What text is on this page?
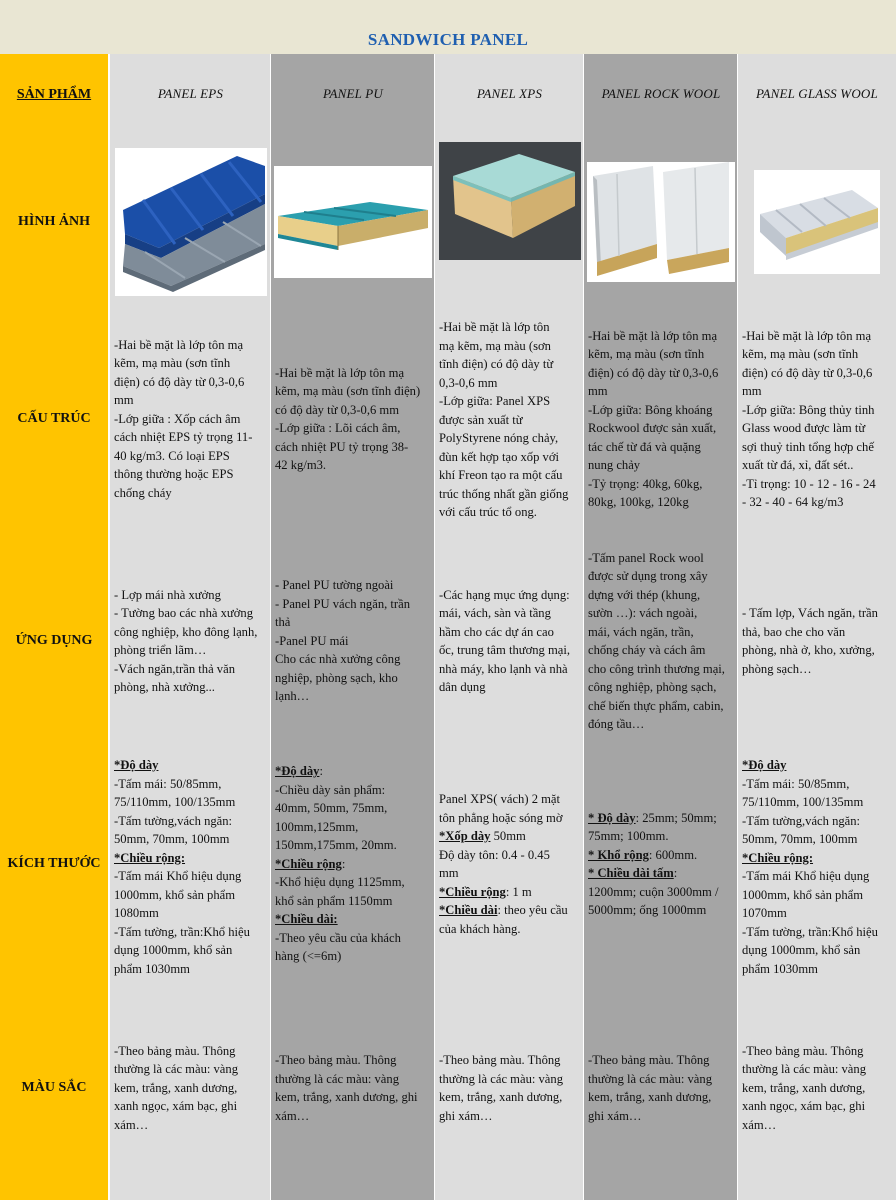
SANDWICH PANEL
SẢN PHẨM
HÌNH ẢNH
CẤU TRÚC
ỨNG DỤNG
KÍCH THƯỚC
MÀU SẮC
PANEL EPS
-Hai bề mặt là lớp tôn mạ
kẽm, mạ màu (sơn tĩnh
điện) có độ dày từ 0,3-0,6
mm
-Lớp giữa : Xốp cách âm
cách nhiệt EPS tỷ trọng 11-
40 kg/m3. Có loại EPS
thông thường hoặc EPS
chống cháy
- Lợp mái nhà xưởng
- Tường bao các nhà xưởng
công nghiệp, kho đông lạnh,
phòng triển lãm…
-Vách ngăn,trần thả văn
phòng, nhà xưởng...
*Độ dày
-Tấm mái: 50/85mm,
75/110mm, 100/135mm
-Tấm tường,vách ngăn:
50mm, 70mm, 100mm
*Chiều rộng:
-Tấm mái Khổ hiệu dụng
1000mm, khổ sản phẩm
1080mm
-Tấm tường, trần:Khổ hiệu
dụng 1000mm, khổ sản
phẩm 1030mm
-Theo bảng màu. Thông
thường là các màu: vàng
kem, trắng, xanh dương,
xanh ngọc, xám bạc, ghi
xám…
PANEL PU
-Hai bề mặt là lớp tôn mạ
kẽm, mạ màu (sơn tĩnh điện)
có độ dày từ 0,3-0,6 mm
-Lớp giữa : Lõi cách âm,
cách nhiệt PU tỷ trọng 38-
42 kg/m3.
- Panel PU tường ngoài
- Panel PU vách ngăn, trần
thả
-Panel PU mái
Cho các nhà xưởng công
nghiệp, phòng sạch, kho
lạnh…
*Độ dày:
-Chiều dày sản phẩm:
40mm, 50mm, 75mm,
100mm,125mm,
150mm,175mm, 20mm.
*Chiều rộng:
-Khổ hiệu dụng 1125mm,
khổ sản phẩm 1150mm
*Chiều dài:
-Theo yêu cầu của khách
hàng (<=6m)
-Theo bảng màu. Thông
thường là các màu: vàng
kem, trắng, xanh dương, ghi
xám…
PANEL XPS
-Hai bề mặt là lớp tôn
mạ kẽm, mạ màu (sơn
tĩnh điện) có độ dày từ
0,3-0,6 mm
-Lớp giữa: Panel XPS
được sản xuất từ
PolyStyrene nóng chảy,
đùn kết hợp tạo xốp với
khí Freon tạo ra một cấu
trúc thống nhất gần giống
với cấu trúc tổ ong.
-Các hạng mục ứng dụng:
mái, vách, sàn và tầng
hầm cho các dự án cao
ốc, trung tâm thương mại,
nhà máy, kho lạnh và nhà
dân dụng
Panel XPS( vách) 2 mặt
tôn phẳng hoặc sóng mờ
*Xốp dày 50mm
Độ dày tôn: 0.4 - 0.45
mm
*Chiều rộng: 1 m
*Chiều dài: theo yêu cầu
của khách hàng.
-Theo bảng màu. Thông
thường là các màu: vàng
kem, trắng, xanh dương,
ghi xám…
PANEL ROCK WOOL
-Hai bề mặt là lớp tôn mạ
kẽm, mạ màu (sơn tĩnh
điện) có độ dày từ 0,3-0,6
mm
-Lớp giữa: Bông khoáng
Rockwool được sản xuất,
tác chế từ đá và quặng
nung chảy
-Tỷ trọng: 40kg, 60kg,
80kg, 100kg, 120kg
-Tấm panel Rock wool
được sử dụng trong xây
dựng với thép (khung,
sườn …): vách ngoài,
mái, vách ngăn, trần,
chống cháy và cách âm
cho công trình thương mại,
công nghiệp, phòng sạch,
chế biến thực phẩm, cabin,
đóng tầu…
* Độ dày: 25mm; 50mm;
75mm; 100mm.
* Khổ rộng: 600mm.
* Chiều dài tấm:
1200mm; cuộn 3000mm /
5000mm; ống 1000mm
-Theo bảng màu. Thông
thường là các màu: vàng
kem, trắng, xanh dương,
ghi xám…
PANEL GLASS WOOL
-Hai bề mặt là lớp tôn mạ
kẽm, mạ màu (sơn tĩnh
điện) có độ dày từ 0,3-0,6
mm
-Lớp giữa: Bông thủy tinh
Glass wood được làm từ
sợi thuỷ tinh tổng hợp chế
xuất từ đá, xỉ, đất sét..
-Tỉ trọng: 10 - 12 - 16 - 24
- 32 - 40 - 64 kg/m3
- Tấm lợp, Vách ngăn, trần
thả, bao che cho văn
phòng, nhà ở, kho, xưởng,
phòng sạch…
*Độ dày
-Tấm mái: 50/85mm,
75/110mm, 100/135mm
-Tấm tường,vách ngăn:
50mm, 70mm, 100mm
*Chiều rộng:
-Tấm mái Khổ hiệu dụng
1000mm, khổ sản phẩm
1070mm
-Tấm tường, trần:Khổ hiệu
dụng 1000mm, khổ sản
phẩm 1030mm
-Theo bảng màu. Thông
thường là các màu: vàng
kem, trắng, xanh dương,
xanh ngọc, xám bạc, ghi
xám…
